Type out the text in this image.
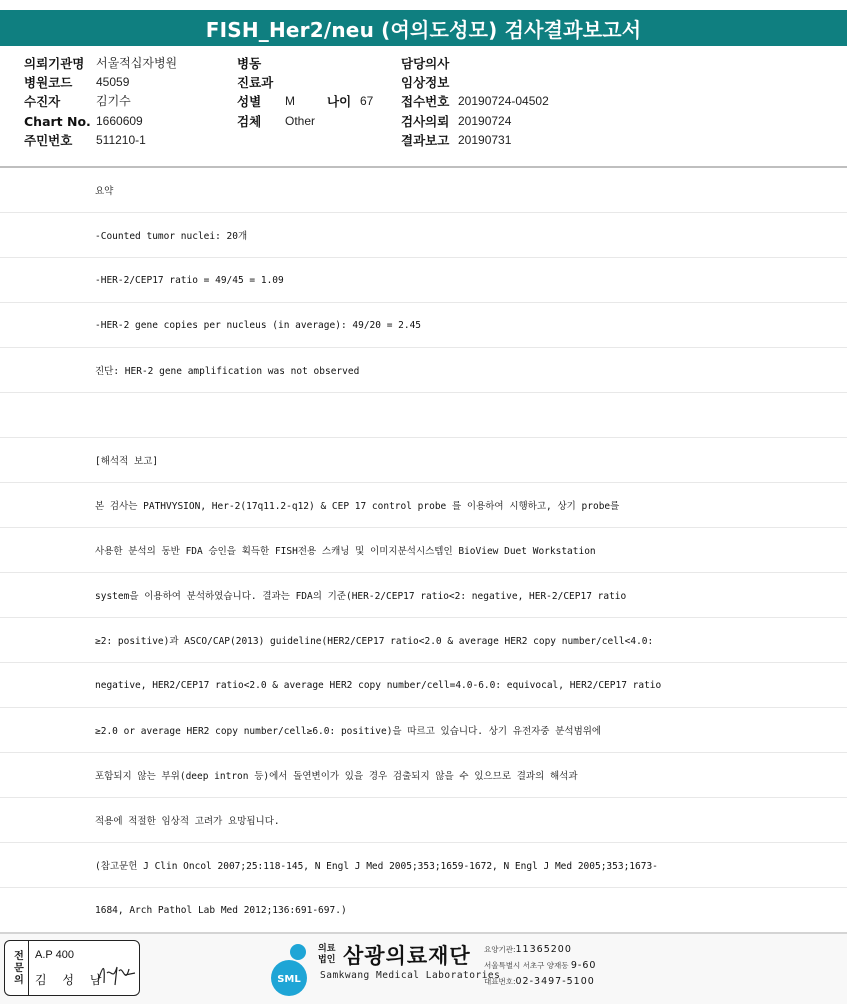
FISH_Her2/neu (여의도성모) 검사결과보고서
의뢰기관명 서울적십자병원
병원코드 45059
수진자	김기수
Chart No. 1660609
주민번호 511210-1
병동
진료과
성별 M	나이 67
검체 Other
담당의사
임상정보
접수번호 20190724-04502
검사의뢰 20190724
결과보고 20190731
요약
-Counted tumor nuclei: 20개
-HER-2/CEP17 ratio = 49/45 = 1.09
-HER-2 gene copies per nucleus (in average): 49/20 = 2.45
진단: HER-2 gene amplification was not observed
[해석적 보고]
본 검사는 PATHVYSION, Her-2(17q11.2-q12) & CEP 17 control probe 를 이용하여 시행하고, 상기 probe를
사용한 분석의 동반 FDA 승인을 획득한 FISH전용 스캐닝 및 이미지분석시스템인 BioView Duet Workstation
system을 이용하여 분석하였습니다. 결과는 FDA의 기준(HER-2/CEP17 ratio<2: negative, HER-2/CEP17 ratio
≥2: positive)과 ASCO/CAP(2013) guideline(HER2/CEP17 ratio<2.0 & average HER2 copy number/cell<4.0:
negative, HER2/CEP17 ratio<2.0 & average HER2 copy number/cell=4.0-6.0: equivocal, HER2/CEP17 ratio
≥2.0 or average HER2 copy number/cell≥6.0: positive)을 따르고 있습니다. 상기 유전자중 분석범위에
포함되지 않는 부위(deep intron 등)에서 돌연변이가 있을 경우 검출되지 않을 수 있으므로 결과의 해석과
적용에 적절한 임상적 고려가 요망됩니다.
(참고문헌 J Clin Oncol 2007;25:118-145, N Engl J Med 2005;353;1659-1672, N Engl J Med 2005;353;1673-
1684, Arch Pathol Lab Med 2012;136:691-697.)
전문의	A.P 400
김 성 남	SML
의료법인 삼광의료재단
Samkwang Medical Laboratories
요양기관:11365200
서울특별시 서초구 양재동 9-60
대표번호:02-3497-5100
